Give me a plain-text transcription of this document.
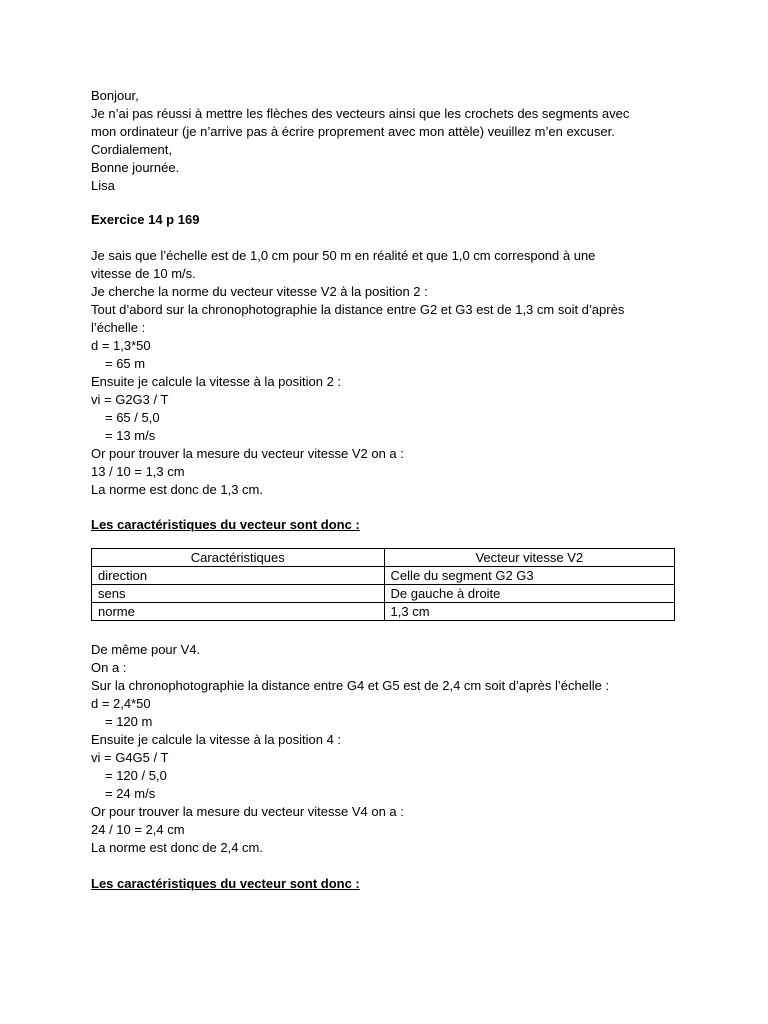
Bonjour,
Je n’ai pas réussi à mettre les flèches des vecteurs ainsi que les crochets des segments avec
mon ordinateur (je n’arrive pas à écrire proprement avec mon attèle) veuillez m’en excuser.
Cordialement,
Bonne journée.
Lisa
Exercice 14 p 169
Je sais que l’échelle est de 1,0 cm pour 50 m en réalité et que 1,0 cm correspond à une
vitesse de 10 m/s.
Je cherche la norme du vecteur vitesse V2 à la position 2 :
Tout d’abord sur la chronophotographie la distance entre G2 et G3 est de 1,3 cm soit d’après
l’échelle :
d = 1,3*50
= 65 m
Ensuite je calcule la vitesse à la position 2 :
vi = G2G3 / T
= 65 / 5,0
= 13 m/s
Or pour trouver la mesure du vecteur vitesse V2 on a :
13 / 10 = 1,3 cm
La norme est donc de 1,3 cm.
Les caractéristiques du vecteur sont donc :
Caractéristiques	Vecteur vitesse V2
direction	Celle du segment G2 G3
sens	De gauche à droite
norme	1,3 cm
De même pour V4.
On a :
Sur la chronophotographie la distance entre G4 et G5 est de 2,4 cm soit d’après l’échelle :
d = 2,4*50
= 120 m
Ensuite je calcule la vitesse à la position 4 :
vi = G4G5 / T
= 120 / 5,0
= 24 m/s
Or pour trouver la mesure du vecteur vitesse V4 on a :
24 / 10 = 2,4 cm
La norme est donc de 2,4 cm.
Les caractéristiques du vecteur sont donc :
